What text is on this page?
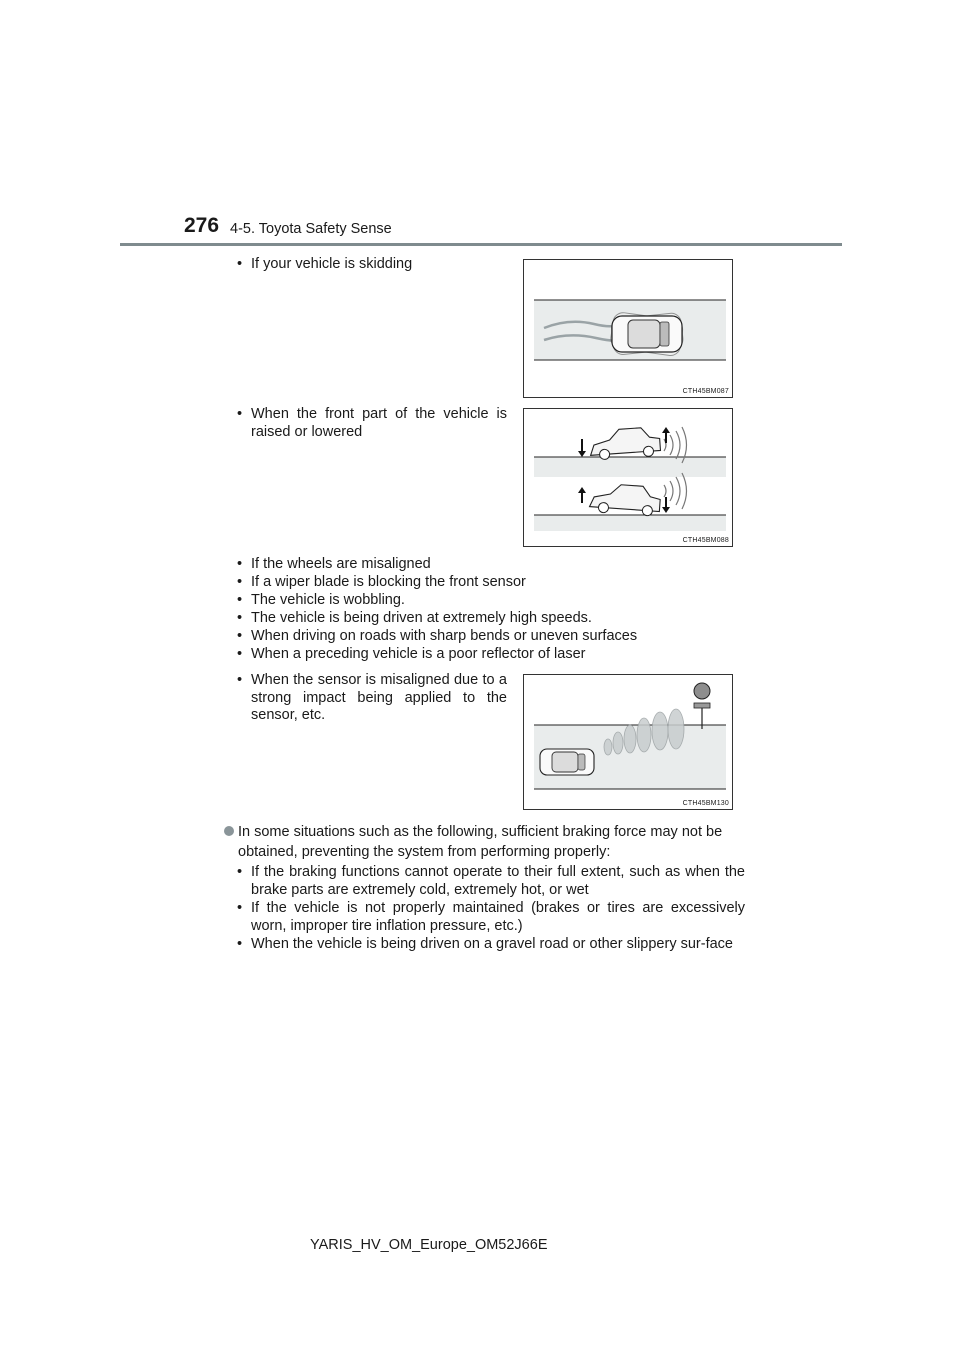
276 4-5. Toyota Safety Sense
• If your vehicle is skidding
CTH45BM087
• When the front part of the vehicle is raised or lowered
CTH45BM088
• If the wheels are misaligned
• If a wiper blade is blocking the front sensor
• The vehicle is wobbling.
• The vehicle is being driven at extremely high speeds.
• When driving on roads with sharp bends or uneven surfaces
• When a preceding vehicle is a poor reflector of laser
• When the sensor is misaligned due to a strong impact being applied to the sensor, etc.
CTH45BM130
In some situations such as the following, sufficient braking force may not be obtained, preventing the system from performing properly:
• If the braking functions cannot operate to their full extent, such as when the brake parts are extremely cold, extremely hot, or wet
• If the vehicle is not properly maintained (brakes or tires are excessively worn, improper tire inflation pressure, etc.)
• When the vehicle is being driven on a gravel road or other slippery sur-face
YARIS_HV_OM_Europe_OM52J66E
